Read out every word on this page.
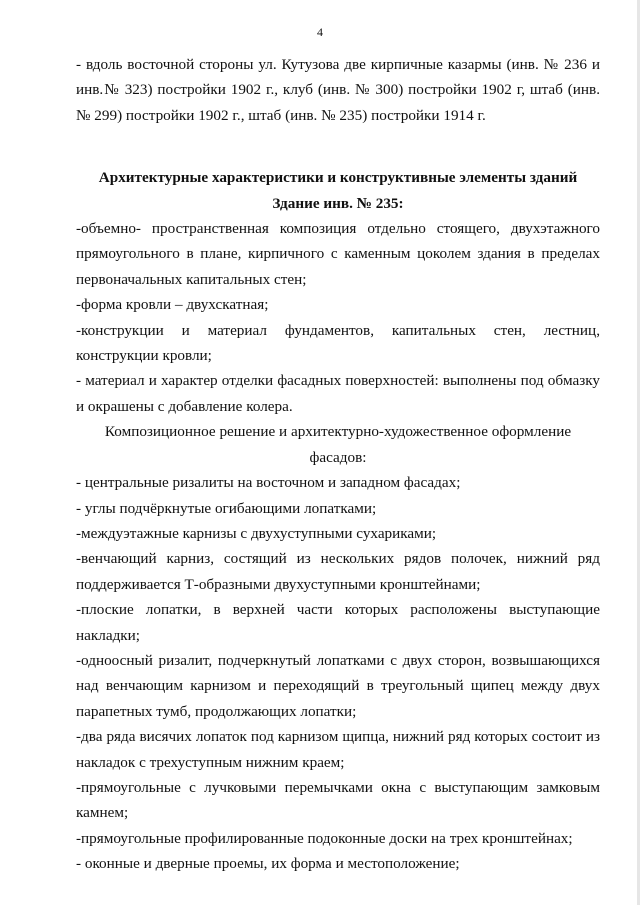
4

- вдоль восточной стороны ул. Кутузова две кирпичные казармы (инв. № 236 и инв.№ 323) постройки 1902 г., клуб (инв. № 300) постройки 1902 г, штаб (инв. № 299) постройки 1902 г., штаб (инв. № 235) постройки 1914 г.

Архитектурные характеристики и конструктивные элементы зданий

Здание инв. № 235:

-объемно- пространственная композиция отдельно стоящего, двухэтажного прямоугольного в плане, кирпичного с каменным цоколем здания в пределах первоначальных капитальных стен;

-форма кровли – двухскатная;

-конструкции и материал фундаментов, капитальных стен, лестниц, конструкции кровли;

- материал и характер отделки фасадных поверхностей: выполнены под обмазку и окрашены с добавление колера.

Композиционное решение и архитектурно-художественное оформление фасадов:

- центральные ризалиты на восточном и западном фасадах;

- углы подчёркнутые огибающими лопатками;

-междуэтажные карнизы с двухуступными сухариками;

-венчающий карниз, состящий из нескольких рядов полочек, нижний ряд поддерживается Т-образными двухуступными кронштейнами;

-плоские лопатки, в верхней части которых расположены выступающие накладки;

-одноосный ризалит, подчеркнутый лопатками с двух сторон, возвышающихся над венчающим карнизом и переходящий в треугольный щипец между двух парапетных тумб, продолжающих лопатки;

-два ряда висячих лопаток под карнизом щипца, нижний ряд которых состоит из накладок с трехуступным нижним краем;

-прямоугольные с лучковыми перемычками окна с выступающим замковым камнем;

-прямоугольные профилированные подоконные доски на трех кронштейнах;

- оконные и дверные проемы, их форма и местоположение;
